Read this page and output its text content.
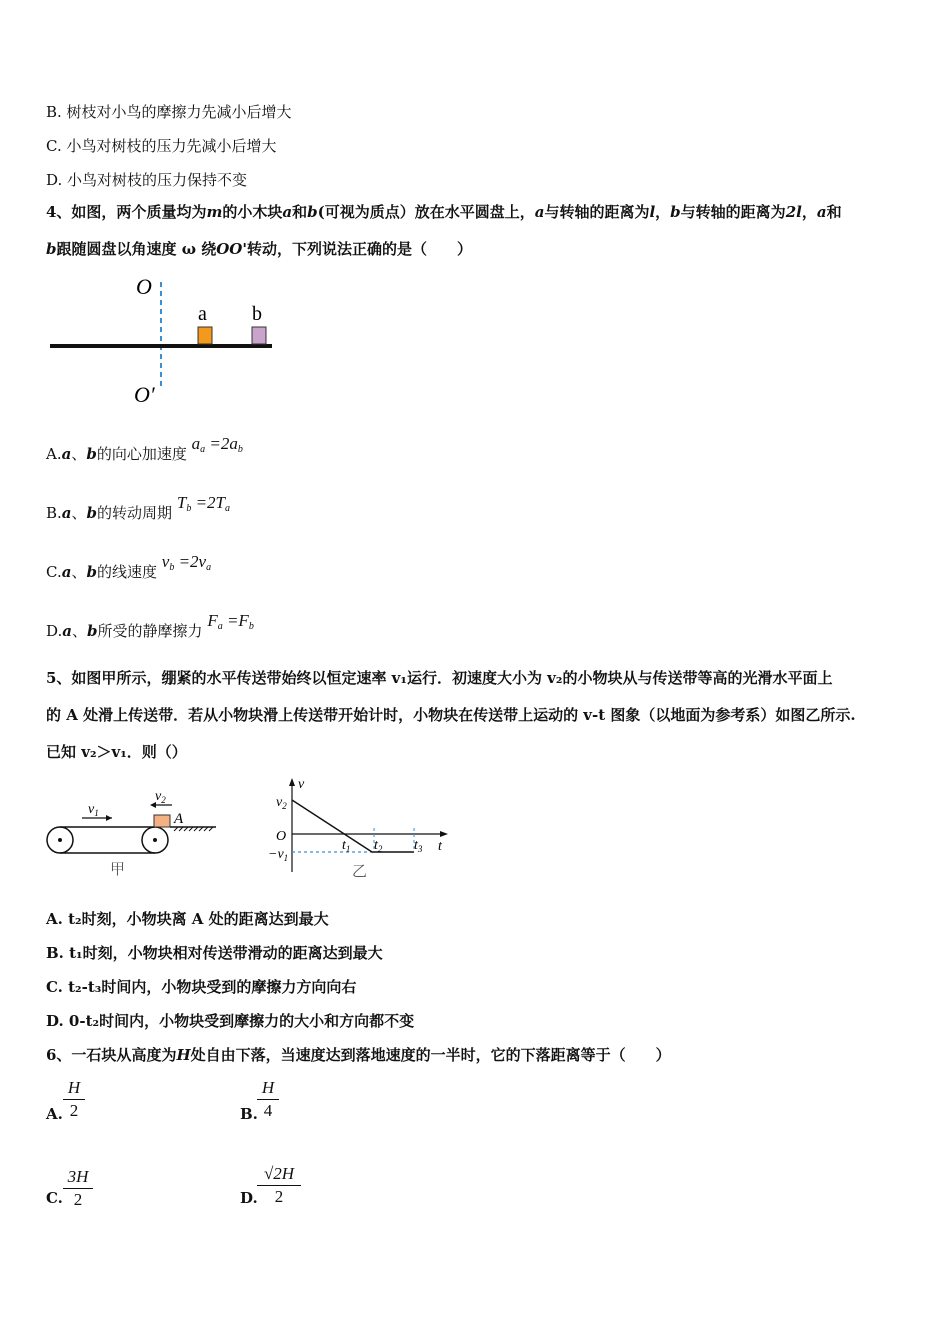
B. 树枝对小鸟的摩擦力先减小后增大
C. 小鸟对树枝的压力先减小后增大
D. 小鸟对树枝的压力保持不变
4、如图，两个质量均为m的小木块a和b(可视为质点）放在水平圆盘上，a与转轴的距离为l，b与转轴的距离为2l，a和
b跟随圆盘以角速度 ω 绕OO'转动，下列说法正确的是（　　）
O
O′
a b
A.a、b的向心加速度 $a_a =2a_b$
B.a、b的转动周期 $T_b =2T_a$
C.a、b的线速度 $v_b =2v_a$
D.a、b所受的静摩擦力 $F_a =F_b$
5、如图甲所示，绷紧的水平传送带始终以恒定速率 v₁运行．初速度大小为 v₂的小物块从与传送带等高的光滑水平面上
的 A 处滑上传送带．若从小物块滑上传送带开始计时，小物块在传送带上运动的 v-t 图象（以地面为参考系）如图乙所示.
已知 v₂＞v₁．则（）
A
$v_1$
$v_2$
甲
v
t
$v_2$
O
$-v_1$
$t_1$ $t_2$ $t_3$
乙
A. t₂时刻，小物块离 A 处的距离达到最大
B. t₁时刻，小物块相对传送带滑动的距离达到最大
C. t₂-t₃时间内，小物块受到的摩擦力方向向右
D. 0-t₂时间内，小物块受到摩擦力的大小和方向都不变
6、一石块从高度为H处自由下落，当速度达到落地速度的一半时，它的下落距离等于（　　）
A.
H
2	B.
H
4
C.
3H
2	D.
√2H
2
